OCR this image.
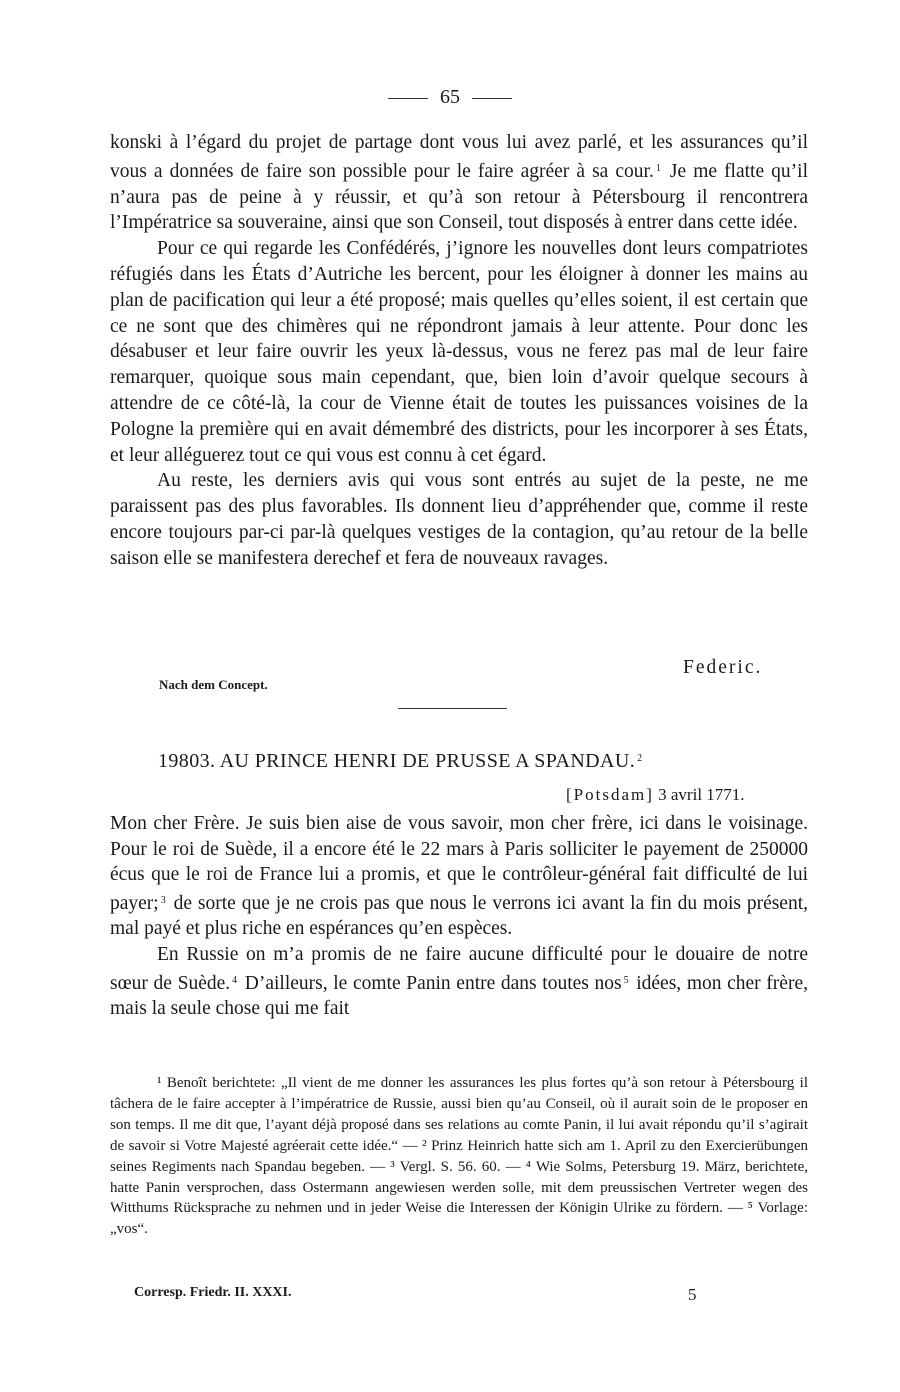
65

konski à l’égard du projet de partage dont vous lui avez parlé, et les assurances qu’il vous a données de faire son possible pour le faire agréer à sa cour. $^1$ Je me flatte qu’il n’aura pas de peine à y réussir, et qu’à son retour à Pétersbourg il rencontrera l’Impératrice sa souveraine, ainsi que son Conseil, tout disposés à entrer dans cette idée.

Pour ce qui regarde les Confédérés, j’ignore les nouvelles dont leurs compatriotes réfugiés dans les États d’Autriche les bercent, pour les éloigner à donner les mains au plan de pacification qui leur a été proposé; mais quelles qu’elles soient, il est certain que ce ne sont que des chimères qui ne répondront jamais à leur attente. Pour donc les désabuser et leur faire ouvrir les yeux là-dessus, vous ne ferez pas mal de leur faire remarquer, quoique sous main cependant, que, bien loin d’avoir quelque secours à attendre de ce côté-là, la cour de Vienne était de toutes les puissances voisines de la Pologne la première qui en avait démembré des districts, pour les incorporer à ses États, et leur alléguerez tout ce qui vous est connu à cet égard.

Au reste, les derniers avis qui vous sont entrés au sujet de la peste, ne me paraissent pas des plus favorables. Ils donnent lieu d’appréhender que, comme il reste encore toujours par-ci par-là quelques vestiges de la contagion, qu’au retour de la belle saison elle se manifestera derechef et fera de nouveaux ravages.

Federic.
Nach dem Concept.
19803. AU PRINCE HENRI DE PRUSSE A SPANDAU. $^2$
[Potsdam] 3 avril 1771.

Mon cher Frère. Je suis bien aise de vous savoir, mon cher frère, ici dans le voisinage. Pour le roi de Suède, il a encore été le 22 mars à Paris solliciter le payement de 250000 écus que le roi de France lui a promis, et que le contrôleur-général fait difficulté de lui payer; $^3$ de sorte que je ne crois pas que nous le verrons ici avant la fin du mois présent, mal payé et plus riche en espérances qu’en espèces.

En Russie on m’a promis de ne faire aucune difficulté pour le douaire de notre sœur de Suède. $^4$ D’ailleurs, le comte Panin entre dans toutes nos $^5$ idées, mon cher frère, mais la seule chose qui me fait

¹ Benoît berichtete: „Il vient de me donner les assurances les plus fortes qu’à son retour à Pétersbourg il tâchera de le faire accepter à l’impératrice de Russie, aussi bien qu’au Conseil, où il aurait soin de le proposer en son temps. Il me dit que, l’ayant déjà proposé dans ses relations au comte Panin, il lui avait répondu qu’il s’agirait de savoir si Votre Majesté agréerait cette idée.“ — ² Prinz Heinrich hatte sich am 1. April zu den Exercierübungen seines Regiments nach Spandau begeben. — ³ Vergl. S. 56. 60. — ⁴ Wie Solms, Petersburg 19. März, berichtete, hatte Panin versprochen, dass Ostermann angewiesen werden solle, mit dem preussischen Vertreter wegen des Witthums Rücksprache zu nehmen und in jeder Weise die Interessen der Königin Ulrike zu fördern. — ⁵ Vorlage: „vos“.

Corresp. Friedr. II. XXXI.	5
